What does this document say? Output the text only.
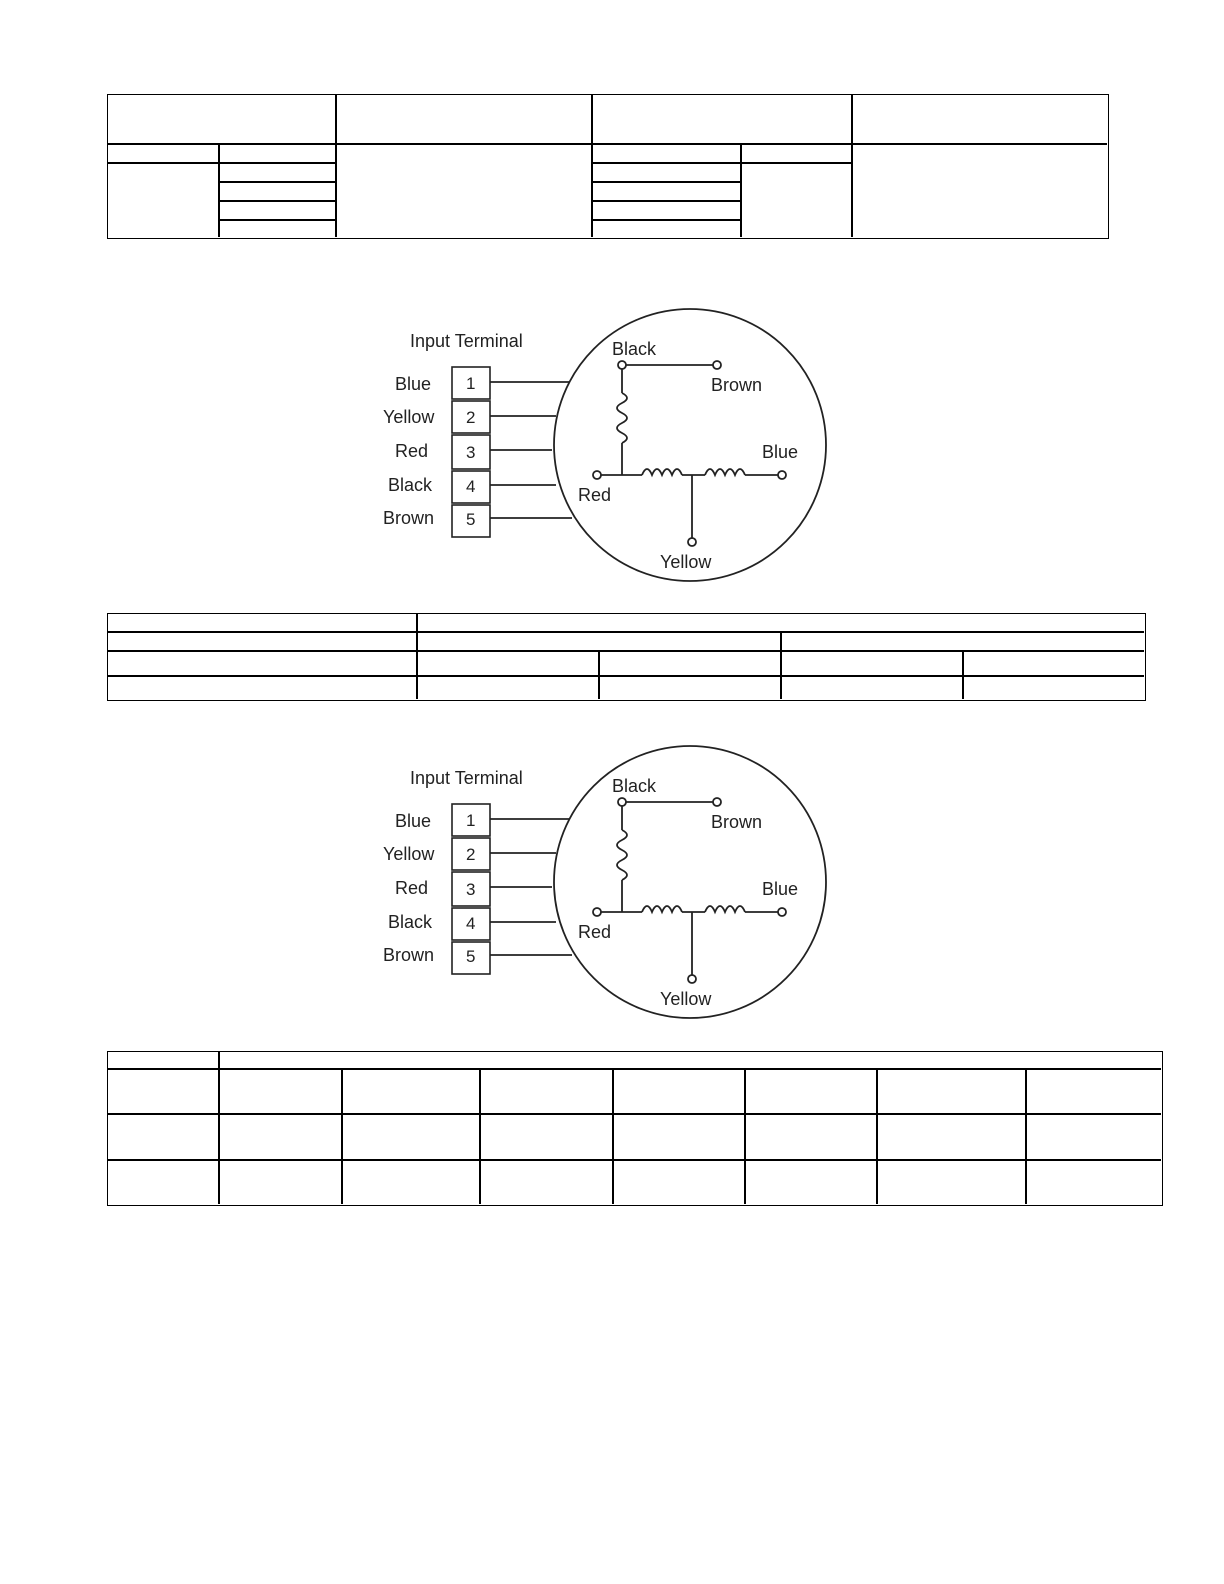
Input Terminal
Blue
Yellow
Red
Black
Brown
1
2
3
4
5
Black
Brown
Blue
Red
Yellow
Input Terminal
Blue
Yellow
Red
Black
Brown
1
2
3
4
5
Black
Brown
Blue
Red
Yellow
